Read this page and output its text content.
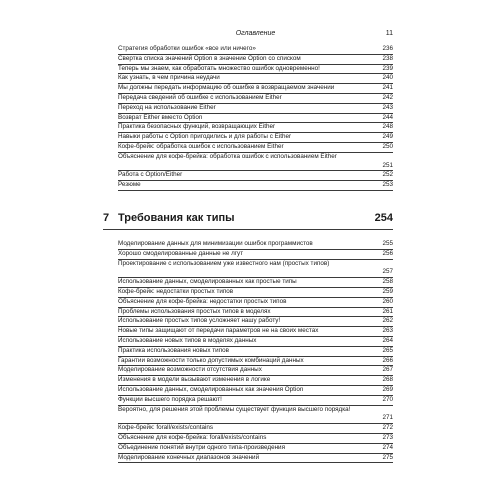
Оглавление	11
Стратегия обработки ошибок «все или ничего»	236
Свертка списка значений Option в значение Option со списком	238
Теперь мы знаем, как обработать множество ошибок одновременно!	239
Как узнать, в чем причина неудачи	240
Мы должны передать информацию об ошибке в возвращаемом значении	241
Передача сведений об ошибке с использованием Either	242
Переход на использование Either	243
Возврат Either вместо Option	244
Практика безопасных функций, возвращающих Either	248
Навыки работы с Option пригодились и для работы с Either	249
Кофе-брейк: обработка ошибок с использованием Either	250
Объяснение для кофе-брейка: обработка ошибок с использованием Either
251
Работа с Option/Either	252
Резюме	253
7 Требования как типы	254
Моделирование данных для минимизации ошибок программистов	255
Хорошо смоделированные данные не лгут	256
Проектирование с использованием уже известного нам (простых типов)
257
Использование данных, смоделированных как простые типы	258
Кофе-брейк: недостатки простых типов	259
Объяснение для кофе-брейка: недостатки простых типов	260
Проблемы использования простых типов в моделях	261
Использование простых типов усложняет нашу работу!	262
Новые типы защищают от передачи параметров не на своих местах	263
Использование новых типов в моделях данных	264
Практика использования новых типов	265
Гарантии возможности только допустимых комбинаций данных	266
Моделирование возможности отсутствия данных	267
Изменения в модели вызывают изменения в логике	268
Использование данных, смоделированных как значения Option	269
Функции высшего порядка решают!	270
Вероятно, для решения этой проблемы существует функция высшего порядка!
271
Кофе-брейк: forall/exists/contains	272
Объяснение для кофе-брейка: forall/exists/contains	273
Объединение понятий внутри одного типа-произведения	274
Моделирование конечных диапазонов значений	275
